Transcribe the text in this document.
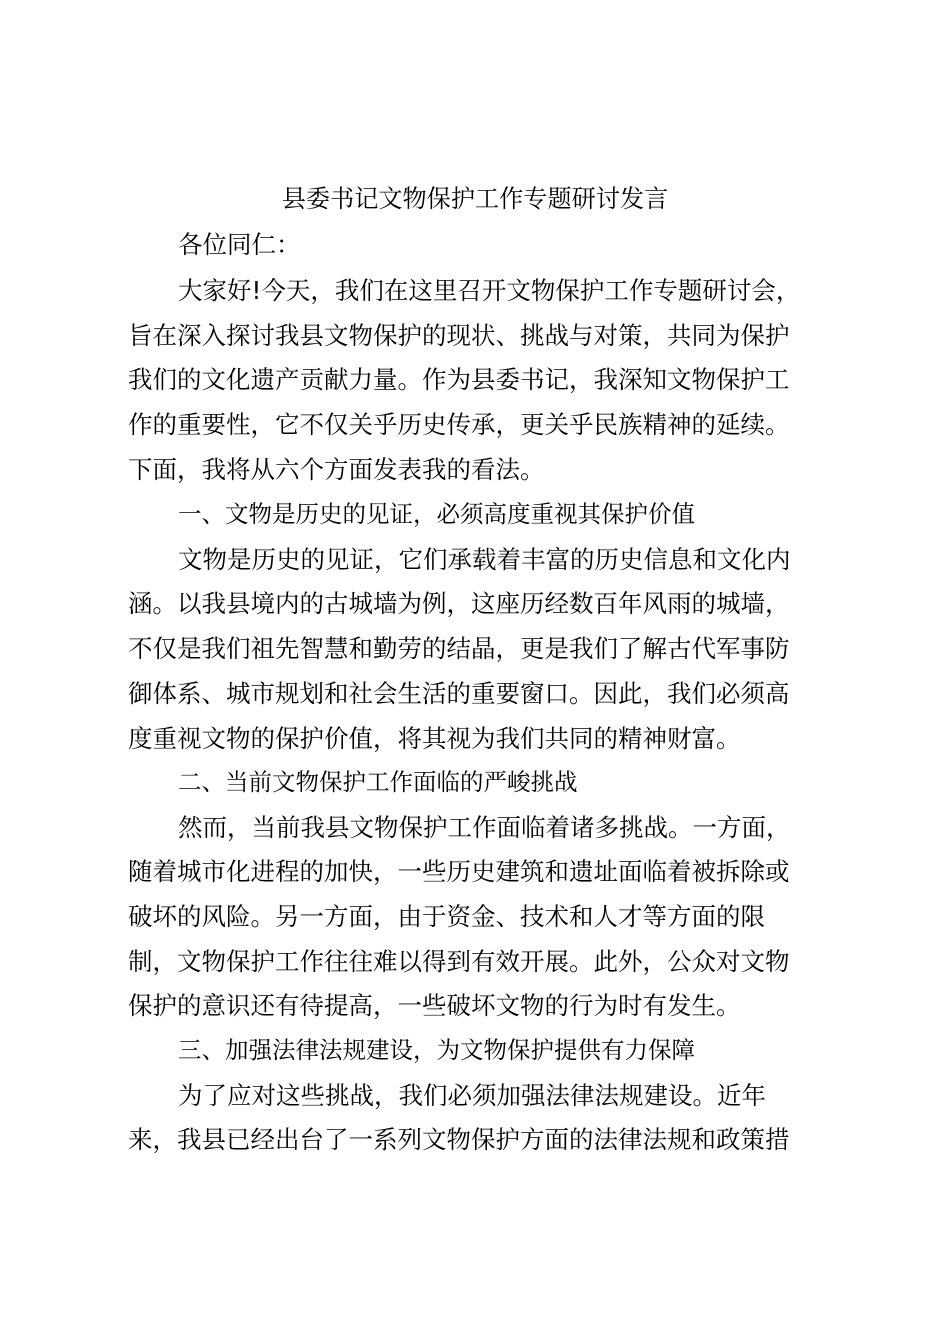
县委书记文物保护工作专题研讨发言
各位同仁：
大家好!今天，我们在这里召开文物保护工作专题研讨会，
旨在深入探讨我县文物保护的现状、挑战与对策，共同为保护
我们的文化遗产贡献力量。作为县委书记，我深知文物保护工
作的重要性，它不仅关乎历史传承，更关乎民族精神的延续。
下面，我将从六个方面发表我的看法。
一、文物是历史的见证，必须高度重视其保护价值
文物是历史的见证，它们承载着丰富的历史信息和文化内
涵。以我县境内的古城墙为例，这座历经数百年风雨的城墙，
不仅是我们祖先智慧和勤劳的结晶，更是我们了解古代军事防
御体系、城市规划和社会生活的重要窗口。因此，我们必须高
度重视文物的保护价值，将其视为我们共同的精神财富。
二、当前文物保护工作面临的严峻挑战
然而，当前我县文物保护工作面临着诸多挑战。一方面，
随着城市化进程的加快，一些历史建筑和遗址面临着被拆除或
破坏的风险。另一方面，由于资金、技术和人才等方面的限
制，文物保护工作往往难以得到有效开展。此外，公众对文物
保护的意识还有待提高，一些破坏文物的行为时有发生。
三、加强法律法规建设，为文物保护提供有力保障
为了应对这些挑战，我们必须加强法律法规建设。近年
来，我县已经出台了一系列文物保护方面的法律法规和政策措
